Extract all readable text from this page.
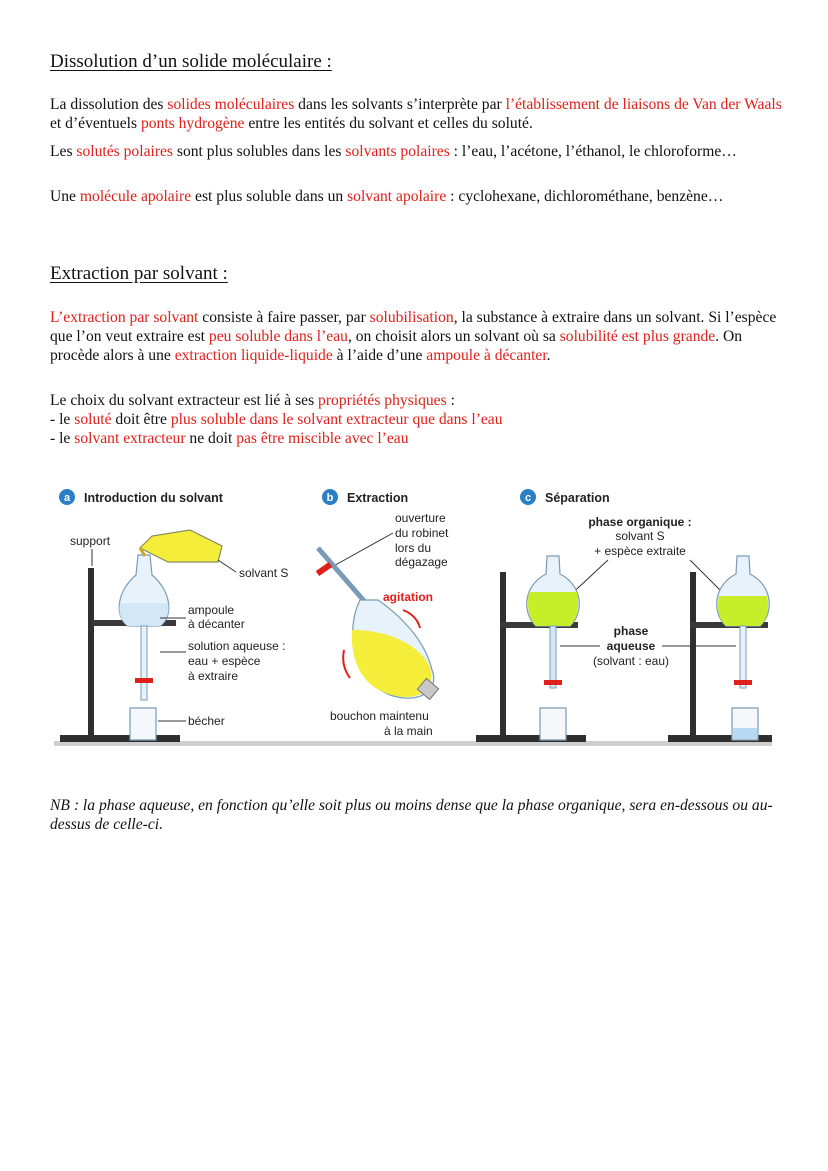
Dissolution d’un solide moléculaire :

La dissolution des solides moléculaires dans les solvants s’interprète par l’établissement de liaisons de Van der Waals et d’éventuels ponts hydrogène entre les entités du solvant et celles du soluté.

Les solutés polaires sont plus solubles dans les solvants polaires : l’eau, l’acétone, l’éthanol, le chloroforme…

Une molécule apolaire est plus soluble dans un solvant apolaire : cyclohexane, dichlorométhane, benzène…

Extraction par solvant :

L’extraction par solvant consiste à faire passer, par solubilisation, la substance à extraire dans un solvant. Si l’espèce que l’on veut extraire est peu soluble dans l’eau, on choisit alors un solvant où sa solubilité est plus grande. On procède alors à une extraction liquide-liquide à l’aide d’une ampoule à décanter.

Le choix du solvant extracteur est lié à ses propriétés physiques :
- le soluté doit être plus soluble dans le solvant extracteur que dans l’eau
- le solvant extracteur ne doit pas être miscible avec l’eau
a Introduction du solvant
support
solvant S
ampoule
à décanter
solution aqueuse :
eau + espèce
à extraire
bécher
b Extraction
ouverture
du robinet
lors du
dégazage
agitation
bouchon maintenu
à la main
c Séparation
phase organique :
solvant S
+ espèce extraite
phase
aqueuse
(solvant : eau)

NB : la phase aqueuse, en fonction qu’elle soit plus ou moins dense que la phase organique, sera en-dessous ou au-dessus de celle-ci.
